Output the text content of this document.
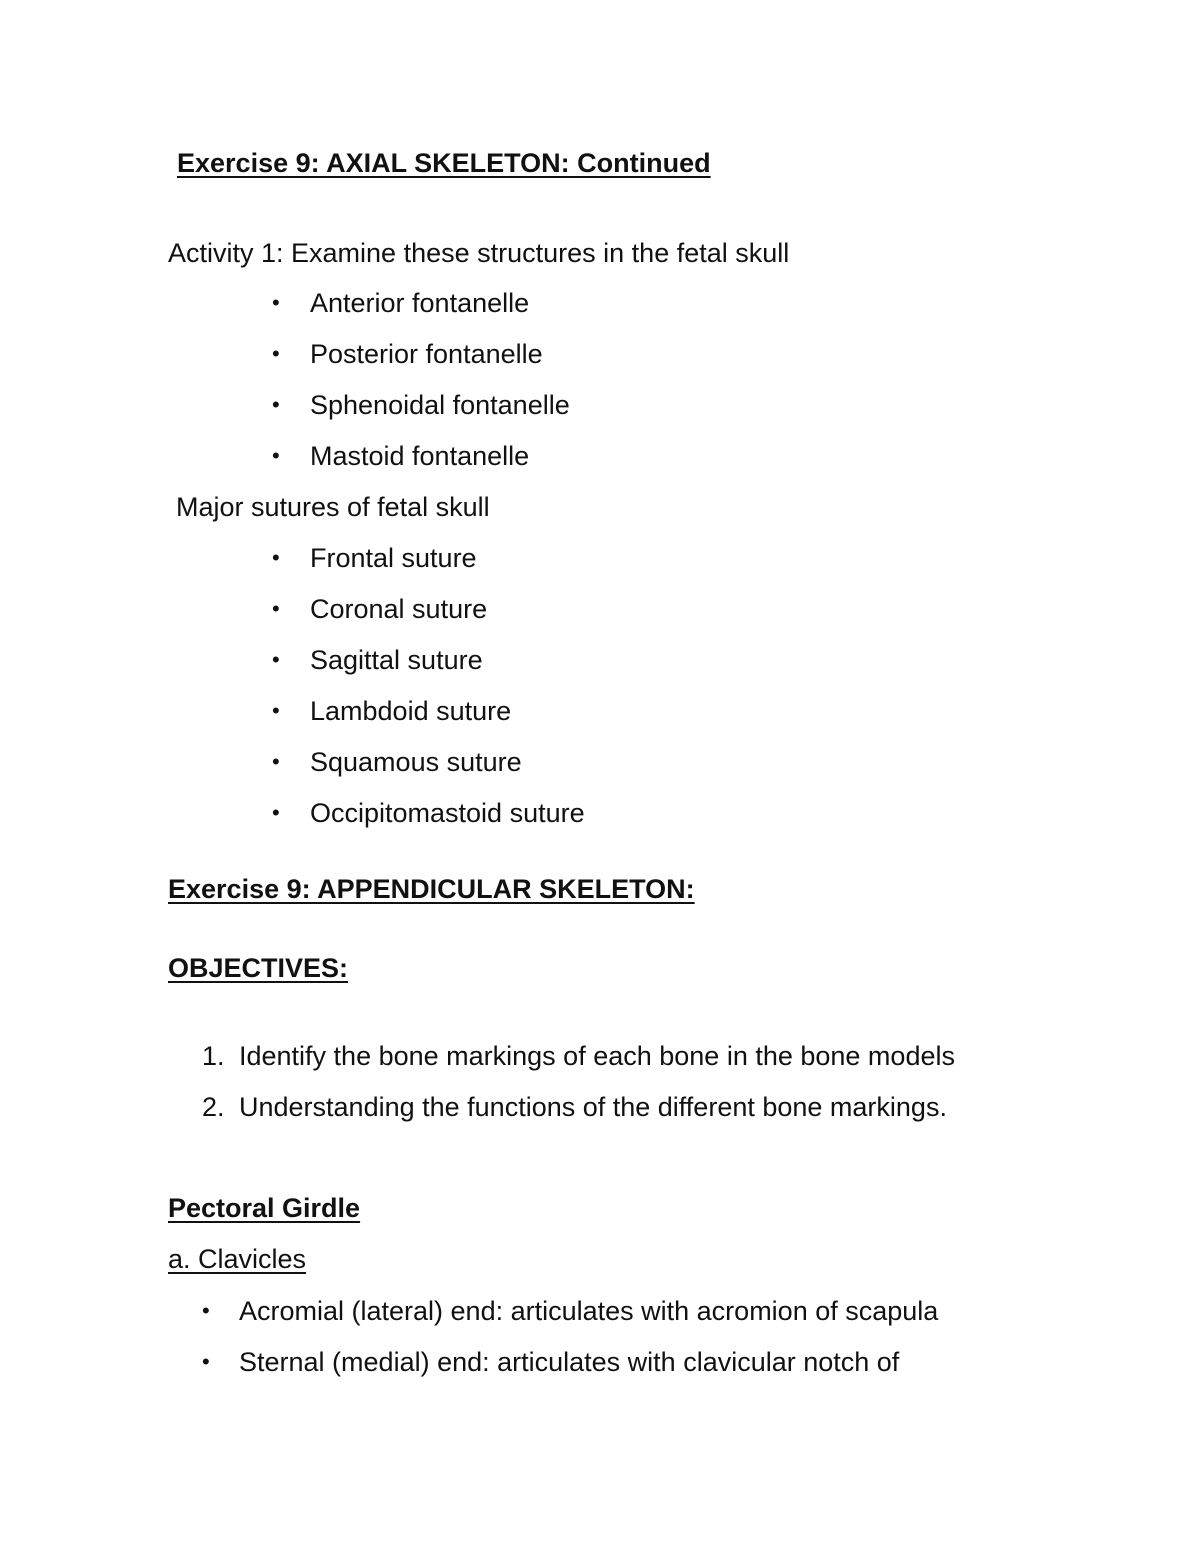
Exercise 9: AXIAL SKELETON: Continued
Activity 1: Examine these structures in the fetal skull
• Anterior fontanelle
• Posterior fontanelle
• Sphenoidal fontanelle
• Mastoid fontanelle
Major sutures of fetal skull
• Frontal suture
• Coronal suture
• Sagittal suture
• Lambdoid suture
• Squamous suture
• Occipitomastoid suture
Exercise 9: APPENDICULAR SKELETON:
OBJECTIVES:
1. Identify the bone markings of each bone in the bone models
2. Understanding the functions of the different bone markings.
Pectoral Girdle
a. Clavicles
• Acromial (lateral) end: articulates with acromion of scapula
• Sternal (medial) end: articulates with clavicular notch of
